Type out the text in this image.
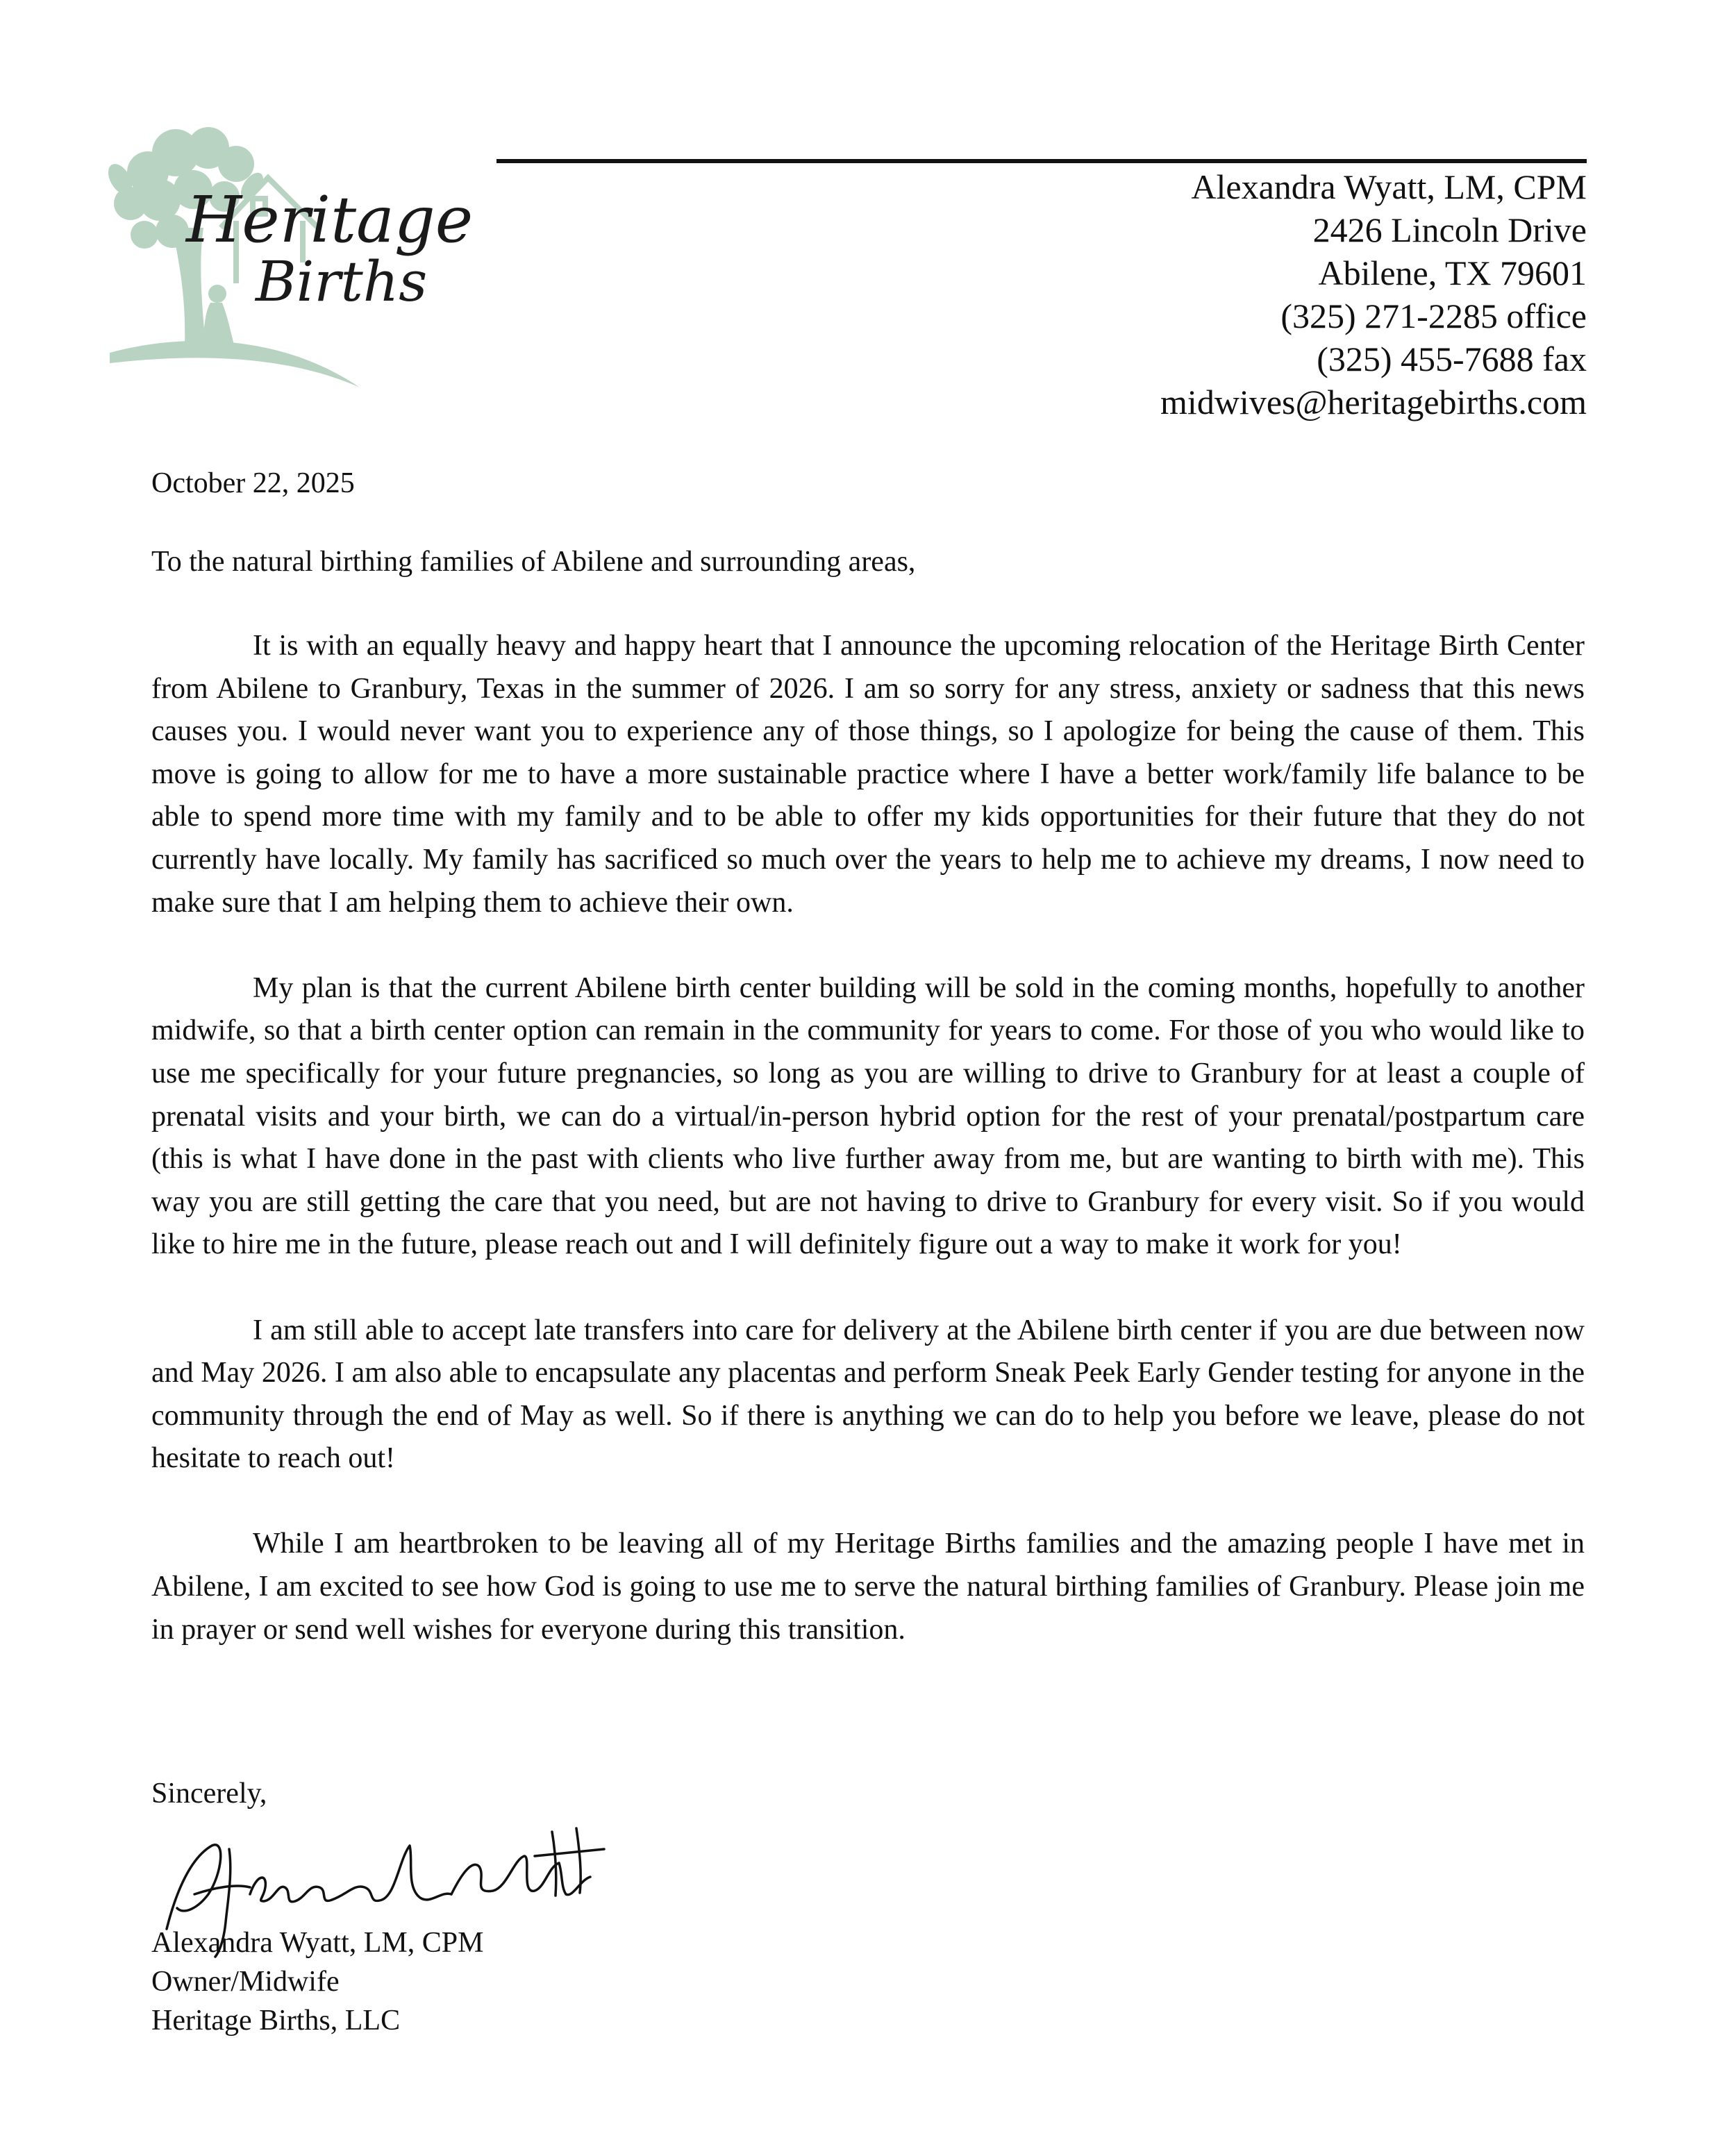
Heritage
Births
Alexandra Wyatt, LM, CPM
2426 Lincoln Drive
Abilene, TX 79601
(325) 271-2285 office
(325) 455-7688 fax
midwives@heritagebirths.com
October 22, 2025
To the natural birthing families of Abilene and surrounding areas,

It is with an equally heavy and happy heart that I announce the upcoming relocation of the Heritage Birth Center from Abilene to Granbury, Texas in the summer of 2026. I am so sorry for any stress, anxiety or sadness that this news causes you. I would never want you to experience any of those things, so I apologize for being the cause of them. This move is going to allow for me to have a more sustainable practice where I have a better work/family life balance to be able to spend more time with my family and to be able to offer my kids opportunities for their future that they do not currently have locally. My family has sacrificed so much over the years to help me to achieve my dreams, I now need to make sure that I am helping them to achieve their own.

My plan is that the current Abilene birth center building will be sold in the coming months, hopefully to another midwife, so that a birth center option can remain in the community for years to come. For those of you who would like to use me specifically for your future pregnancies, so long as you are willing to drive to Granbury for at least a couple of prenatal visits and your birth, we can do a virtual/in-person hybrid option for the rest of your prenatal/postpartum care (this is what I have done in the past with clients who live further away from me, but are wanting to birth with me). This way you are still getting the care that you need, but are not having to drive to Granbury for every visit. So if you would like to hire me in the future, please reach out and I will definitely figure out a way to make it work for you!

I am still able to accept late transfers into care for delivery at the Abilene birth center if you are due between now and May 2026. I am also able to encapsulate any placentas and perform Sneak Peek Early Gender testing for anyone in the community through the end of May as well. So if there is anything we can do to help you before we leave, please do not hesitate to reach out!

While I am heartbroken to be leaving all of my Heritage Births families and the amazing people I have met in Abilene, I am excited to see how God is going to use me to serve the natural birthing families of Granbury. Please join me in prayer or send well wishes for everyone during this transition.

Sincerely,
Alexandra Wyatt, LM, CPM
Owner/Midwife
Heritage Births, LLC
